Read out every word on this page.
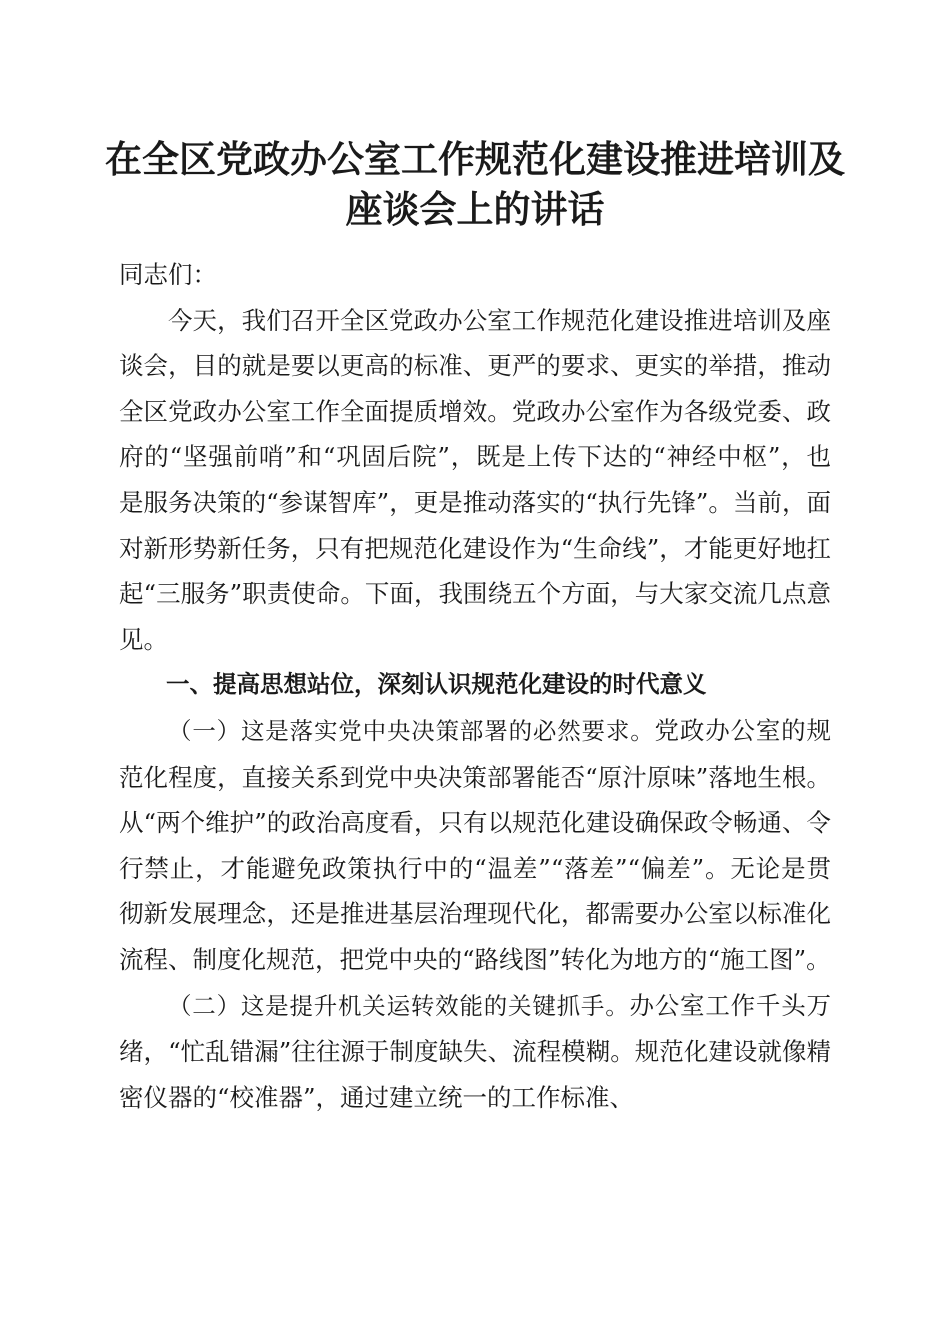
在全区党政办公室工作规范化建设推进培训及
座谈会上的讲话

同志们：

今天，我们召开全区党政办公室工作规范化建设推进培训及座谈会，目的就是要以更高的标准、更严的要求、更实的举措，推动全区党政办公室工作全面提质增效。党政办公室作为各级党委、政府的“坚强前哨”和“巩固后院”，既是上传下达的“神经中枢”，也是服务决策的“参谋智库”，更是推动落实的“执行先锋”。当前，面对新形势新任务，只有把规范化建设作为“生命线”，才能更好地扛起“三服务”职责使命。下面，我围绕五个方面，与大家交流几点意见。

一、提高思想站位，深刻认识规范化建设的时代意义

（一）这是落实党中央决策部署的必然要求。党政办公室的规范化程度，直接关系到党中央决策部署能否“原汁原味”落地生根。从“两个维护”的政治高度看，只有以规范化建设确保政令畅通、令行禁止，才能避免政策执行中的“温差”“落差”“偏差”。无论是贯彻新发展理念，还是推进基层治理现代化，都需要办公室以标准化流程、制度化规范，把党中央的“路线图”转化为地方的“施工图”。

（二）这是提升机关运转效能的关键抓手。办公室工作千头万绪，“忙乱错漏”往往源于制度缺失、流程模糊。规范化建设就像精密仪器的“校准器”，通过建立统一的工作标准、
